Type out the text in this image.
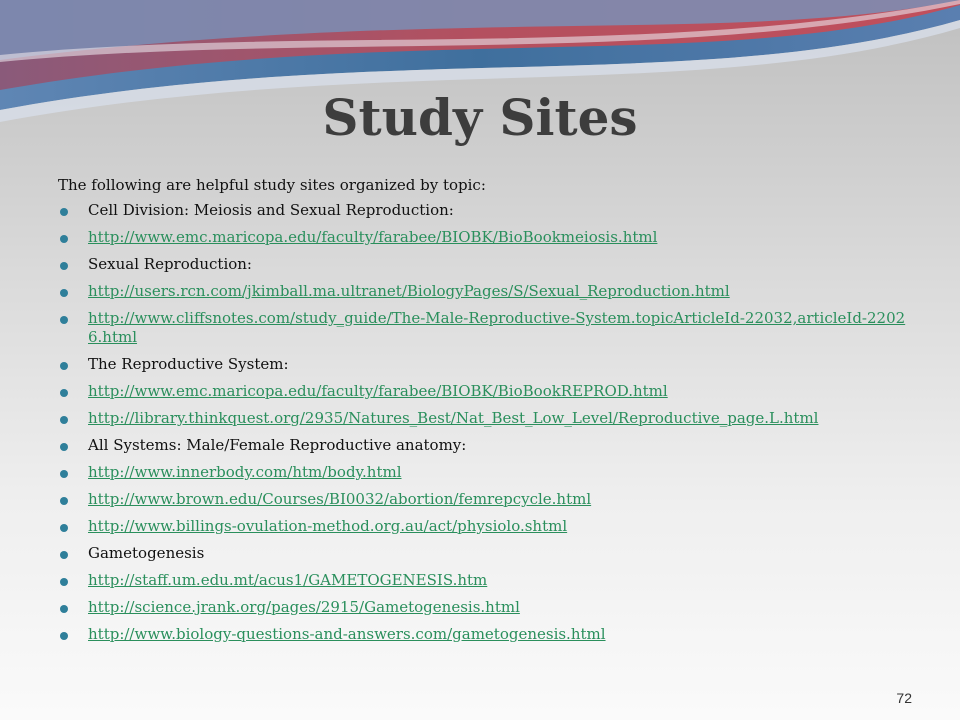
Study Sites

The following are helpful study sites organized by topic:

Cell Division: Meiosis and Sexual Reproduction:
http://www.emc.maricopa.edu/faculty/farabee/BIOBK/BioBookmeiosis.html
Sexual Reproduction:
http://users.rcn.com/jkimball.ma.ultranet/BiologyPages/S/Sexual_Reproduction.html
http://www.cliffsnotes.com/study_guide/The-Male-Reproductive-System.topicArticleId-22032,articleId-22026.html
The Reproductive System:
http://www.emc.maricopa.edu/faculty/farabee/BIOBK/BioBookREPROD.html
http://library.thinkquest.org/2935/Natures_Best/Nat_Best_Low_Level/Reproductive_page.L.html
All Systems: Male/Female Reproductive anatomy:
http://www.innerbody.com/htm/body.html
http://www.brown.edu/Courses/BI0032/abortion/femrepcycle.html
http://www.billings-ovulation-method.org.au/act/physiolo.shtml
Gametogenesis
http://staff.um.edu.mt/acus1/GAMETOGENESIS.htm
http://science.jrank.org/pages/2915/Gametogenesis.html
http://www.biology-questions-and-answers.com/gametogenesis.html
72
